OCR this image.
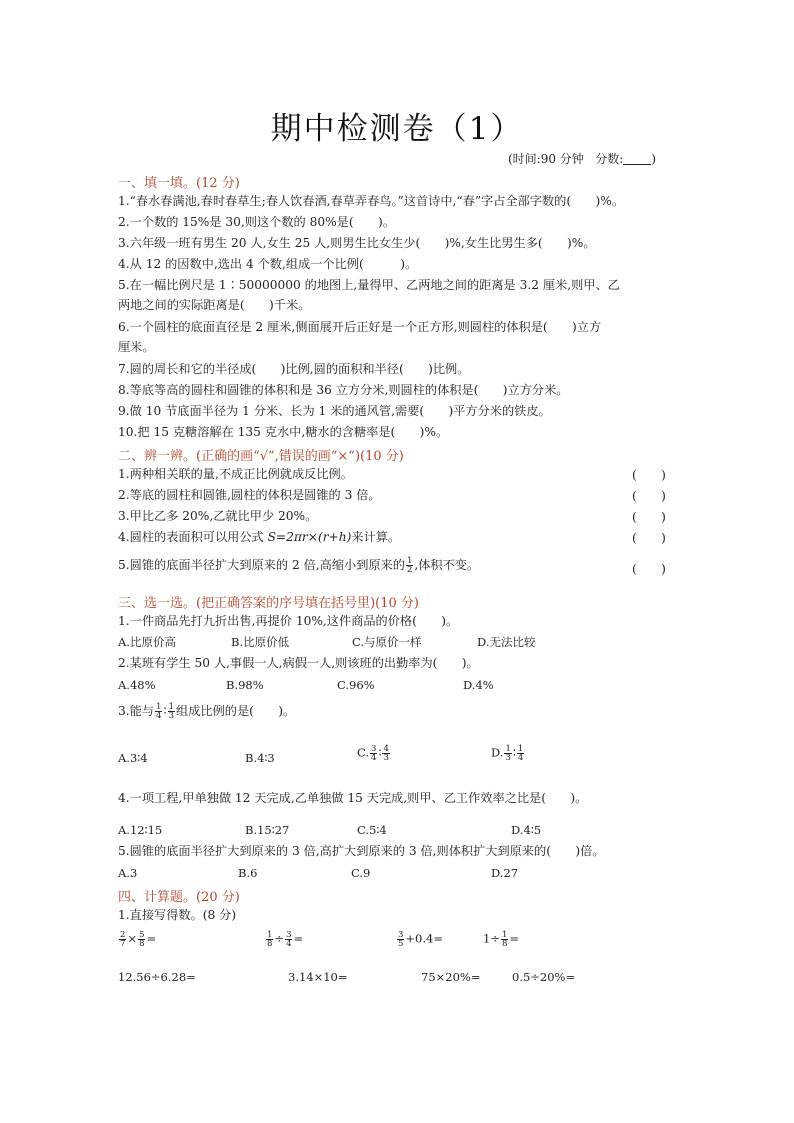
期中检测卷（1）
(时间:90 分钟 分数: )
一、填一填。(12 分)
1.“春水春满池,春时春草生;春人饮春酒,春草弄春鸟。”这首诗中,“春”字占全部字数的(　　)%。
2.一个数的 15%是 30,则这个数的 80%是(　　)。
3.六年级一班有男生 20 人,女生 25 人,则男生比女生少(　　)%,女生比男生多(　　)%。
4.从 12 的因数中,选出 4 个数,组成一个比例(　　　)。
5.在一幅比例尺是 1∶50000000 的地图上,量得甲、乙两地之间的距离是 3.2 厘米,则甲、乙
两地之间的实际距离是(　　)千米。
6.一个圆柱的底面直径是 2 厘米,侧面展开后正好是一个正方形,则圆柱的体积是(　　)立方
厘米。
7.圆的周长和它的半径成(　　)比例,圆的面积和半径(　　)比例。
8.等底等高的圆柱和圆锥的体积和是 36 立方分米,则圆柱的体积是(　　)立方分米。
9.做 10 节底面半径为 1 分米、长为 1 米的通风管,需要(　　)平方分米的铁皮。
10.把 15 克糖溶解在 135 克水中,糖水的含糖率是(　　)%。
二、辨一辨。(正确的画“√”,错误的画“×”)(10 分)
1.两种相关联的量,不成正比例就成反比例。	(　　)
2.等底的圆柱和圆锥,圆柱的体积是圆锥的 3 倍。	(　　)
3.甲比乙多 20%,乙就比甲少 20%。	(　　)
4.圆柱的表面积可以用公式 S=2πr×(r+h)来计算。	(　　)
5.圆锥的底面半径扩大到原来的 2 倍,高缩小到原来的 $\frac{1}{2}$ ,体积不变。	(　　)
三、选一选。(把正确答案的序号填在括号里)(10 分)
1.一件商品先打九折出售,再提价 10%,这件商品的价格(　　)。
A.比原价高	B.比原价低	C.与原价一样	D.无法比较
2.某班有学生 50 人,事假一人,病假一人,则该班的出勤率为(　　)。
A.48%	B.98%	C.96%	D.4%
3.能与 $\frac{1}{4}$ ∶ $\frac{1}{3}$ 组成比例的是(　　)。
A.3∶4	B.4∶3	C. $\frac{3}{4}$ ∶ $\frac{4}{3}$	D. $\frac{1}{3}$ ∶ $\frac{1}{4}$
4.一项工程,甲单独做 12 天完成,乙单独做 15 天完成,则甲、乙工作效率之比是(　　)。
A.12∶15	B.15∶27	C.5∶4	D.4∶5
5.圆锥的底面半径扩大到原来的 3 倍,高扩大到原来的 3 倍,则体积扩大到原来的(　　)倍。
A.3	B.6	C.9	D.27
四、计算题。(20 分)
1.直接写得数。(8 分)
$\frac{2}{7} \times \frac{5}{8}$ =	$\frac{1}{8} \div \frac{3}{4}$ =	$\frac{3}{5} +0.4=$	$1\div \frac{1}{8}$ =
12.56÷6.28=	3.14×10=	75×20%=	0.5÷20%=
